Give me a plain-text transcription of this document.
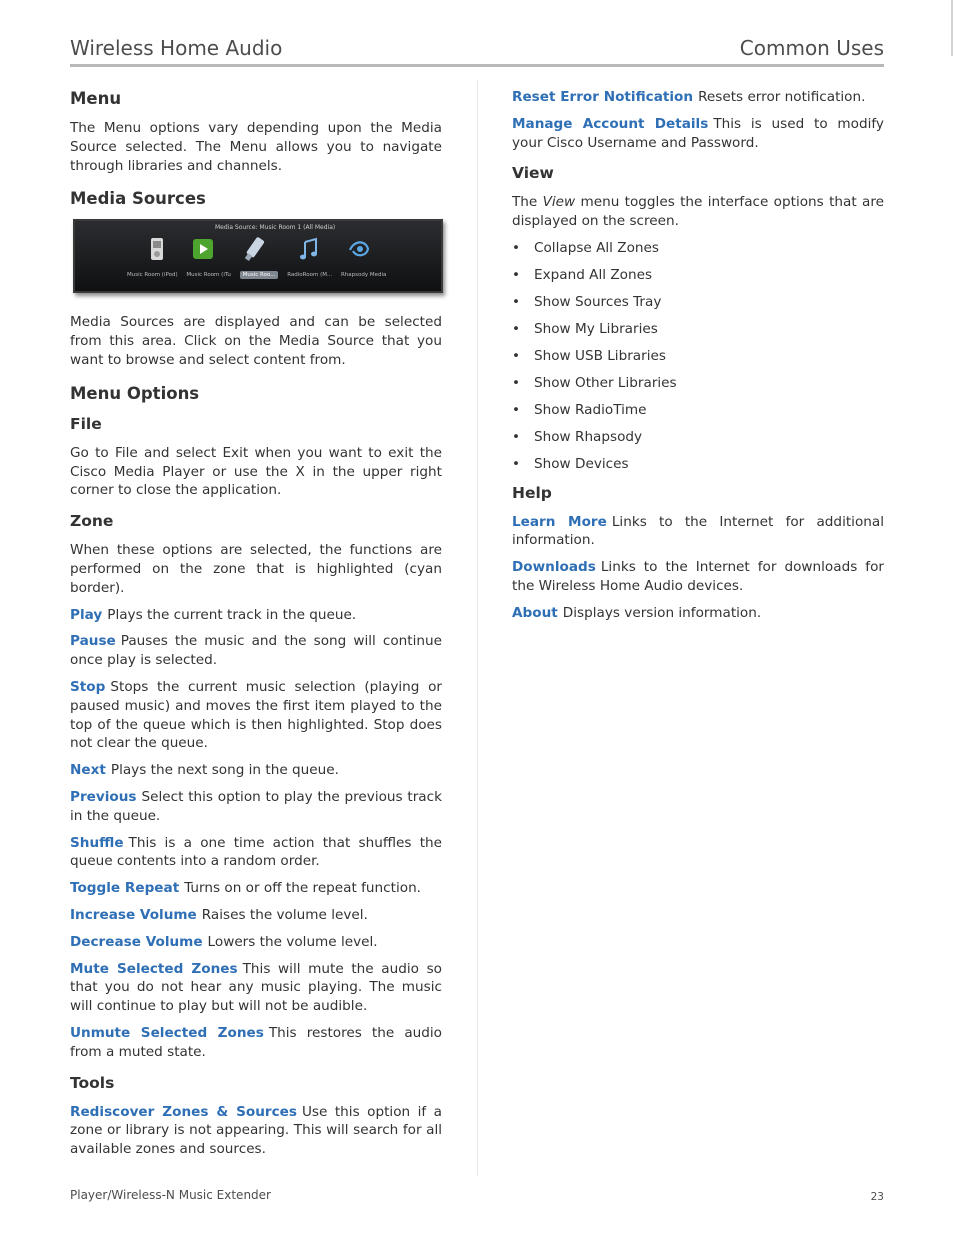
Wireless Home Audio	Common Uses
Menu

The Menu options vary depending upon the Media Source selected. The Menu allows you to navigate through libraries and channels.

Media Sources
Media Source: Music Room 1 (All Media)
Music Room (iPod) Music Room (iTu Music Roo... RadioRoom (M... Rhapsody Media

Media Sources are displayed and can be selected from this area. Click on the Media Source that you want to browse and select content from.

Menu Options
File

Go to File and select Exit when you want to exit the Cisco Media Player or use the X in the upper right corner to close the application.

Zone

When these options are selected, the functions are performed on the zone that is highlighted (cyan border).

Play Plays the current track in the queue.

Pause Pauses the music and the song will continue once play is selected.

Stop Stops the current music selection (playing or paused music) and moves the first item played to the top of the queue which is then highlighted. Stop does not clear the queue.

Next Plays the next song in the queue.

Previous Select this option to play the previous track in the queue.

Shuffle This is a one time action that shuffles the queue contents into a random order.

Toggle Repeat Turns on or off the repeat function.

Increase Volume Raises the volume level.

Decrease Volume Lowers the volume level.

Mute Selected Zones This will mute the audio so that you do not hear any music playing. The music will continue to play but will not be audible.

Unmute Selected Zones This restores the audio from a muted state.

Tools

Rediscover Zones & Sources Use this option if a zone or library is not appearing. This will search for all available zones and sources.

Reset Error Notification Resets error notification.

Manage Account Details This is used to modify your Cisco Username and Password.

View

The View menu toggles the interface options that are displayed on the screen.

• Collapse All Zones
• Expand All Zones
• Show Sources Tray
• Show My Libraries
• Show USB Libraries
• Show Other Libraries
• Show RadioTime
• Show Rhapsody
• Show Devices
Help

Learn More Links to the Internet for additional information.

Downloads Links to the Internet for downloads for the Wireless Home Audio devices.

About Displays version information.

Player/Wireless-N Music Extender	23
